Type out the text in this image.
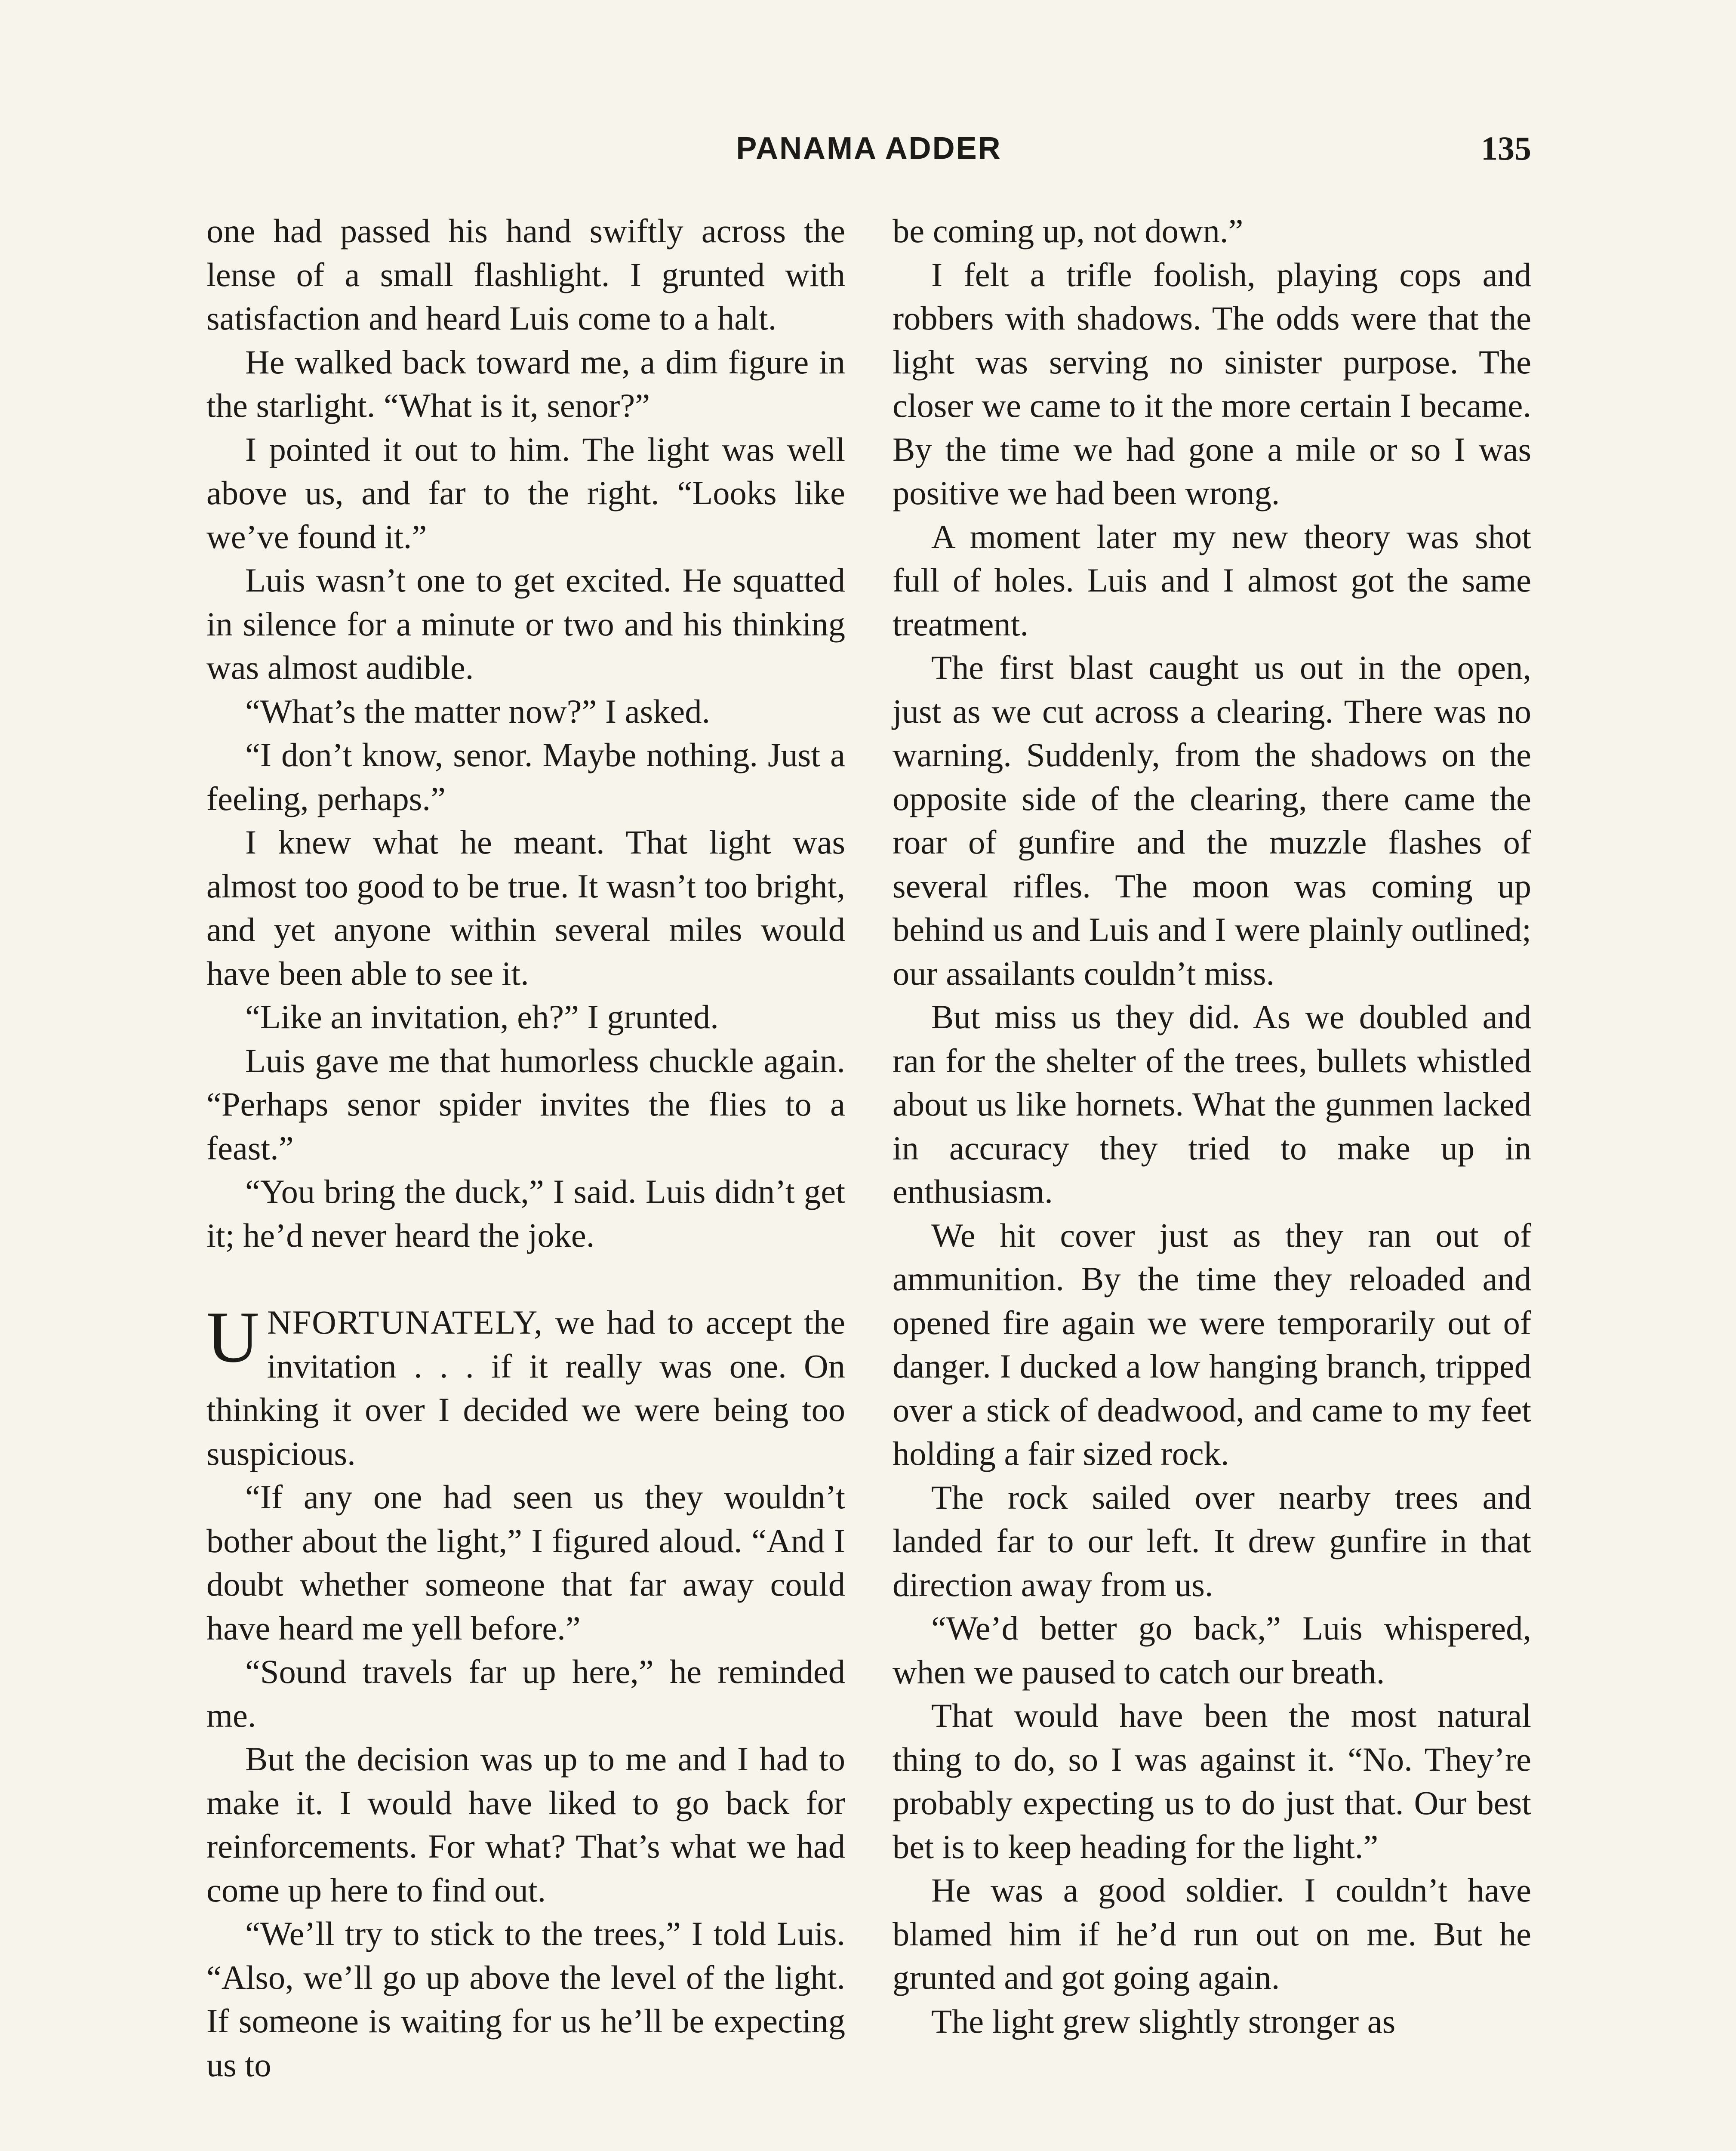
PANAMA ADDER	135

one had passed his hand swiftly across the lense of a small flashlight. I grunted with satisfaction and heard Luis come to a halt.

He walked back toward me, a dim figure in the starlight. “What is it, senor?”

I pointed it out to him. The light was well above us, and far to the right. “Looks like we’ve found it.”

Luis wasn’t one to get excited. He squatted in silence for a minute or two and his thinking was almost audible.

“What’s the matter now?” I asked.

“I don’t know, senor. Maybe nothing. Just a feeling, perhaps.”

I knew what he meant. That light was almost too good to be true. It wasn’t too bright, and yet anyone within several miles would have been able to see it.

“Like an invitation, eh?” I grunted.

Luis gave me that humorless chuckle again. “Perhaps senor spider invites the flies to a feast.”

“You bring the duck,” I said. Luis didn’t get it; he’d never heard the joke.

UNFORTUNATELY, we had to accept the invitation . . . if it really was one. On thinking it over I decided we were being too suspicious.

“If any one had seen us they wouldn’t bother about the light,” I figured aloud. “And I doubt whether someone that far away could have heard me yell before.”

“Sound travels far up here,” he reminded me.

But the decision was up to me and I had to make it. I would have liked to go back for reinforcements. For what? That’s what we had come up here to find out.

“We’ll try to stick to the trees,” I told Luis. “Also, we’ll go up above the level of the light. If someone is waiting for us he’ll be expecting us to

be coming up, not down.”

I felt a trifle foolish, playing cops and robbers with shadows. The odds were that the light was serving no sinister purpose. The closer we came to it the more certain I became. By the time we had gone a mile or so I was positive we had been wrong.

A moment later my new theory was shot full of holes. Luis and I almost got the same treatment.

The first blast caught us out in the open, just as we cut across a clearing. There was no warning. Suddenly, from the shadows on the opposite side of the clearing, there came the roar of gunfire and the muzzle flashes of several rifles. The moon was coming up behind us and Luis and I were plainly outlined; our assailants couldn’t miss.

But miss us they did. As we doubled and ran for the shelter of the trees, bullets whistled about us like hornets. What the gunmen lacked in accuracy they tried to make up in enthusiasm.

We hit cover just as they ran out of ammunition. By the time they reloaded and opened fire again we were temporarily out of danger. I ducked a low hanging branch, tripped over a stick of deadwood, and came to my feet holding a fair sized rock.

The rock sailed over nearby trees and landed far to our left. It drew gunfire in that direction away from us.

“We’d better go back,” Luis whispered, when we paused to catch our breath.

That would have been the most natural thing to do, so I was against it. “No. They’re probably expecting us to do just that. Our best bet is to keep heading for the light.”

He was a good soldier. I couldn’t have blamed him if he’d run out on me. But he grunted and got going again.

The light grew slightly stronger as
